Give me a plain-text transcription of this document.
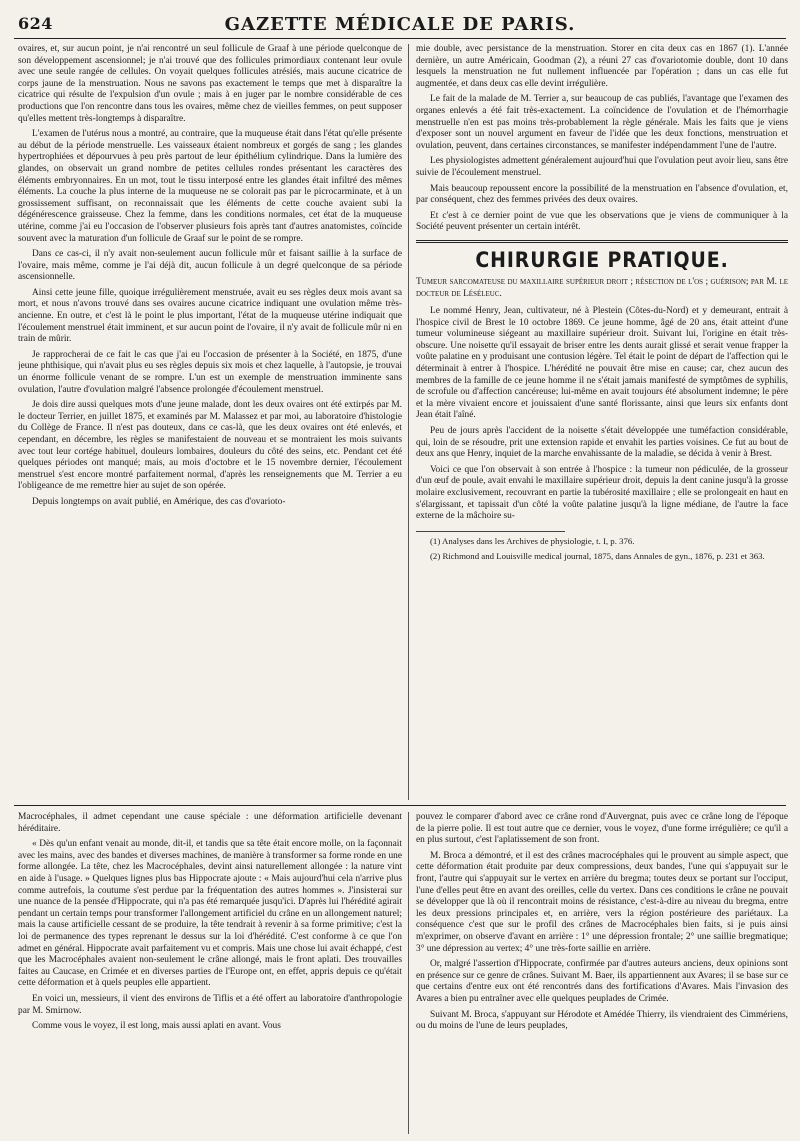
624	GAZETTE MÉDICALE DE PARIS.

ovaires, et, sur aucun point, je n'ai rencontré un seul follicule de Graaf à une période quelconque de son développement ascensionnel; je n'ai trouvé que des follicules primordiaux contenant leur ovule avec une seule rangée de cellules. On voyait quelques follicules atrésiés, mais aucune cicatrice de corps jaune de la menstruation. Nous ne savons pas exactement le temps que met à disparaître la cicatrice qui résulte de l'expulsion d'un ovule ; mais à en juger par le nombre considérable de ces productions que l'on rencontre dans tous les ovaires, même chez de vieilles femmes, on peut supposer qu'elles mettent très-longtemps à disparaître.

L'examen de l'utérus nous a montré, au contraire, que la muqueuse était dans l'état qu'elle présente au début de la période menstruelle. Les vaisseaux étaient nombreux et gorgés de sang ; les glandes hypertrophiées et dépourvues à peu près partout de leur épithélium cylindrique. Dans la lumière des glandes, on observait un grand nombre de petites cellules rondes présentant les caractères des éléments embryonnaires. En un mot, tout le tissu interposé entre les glandes était infiltré des mêmes éléments. La couche la plus interne de la muqueuse ne se colorait pas par le picrocarminate, et à un grossissement suffisant, on reconnaissait que les éléments de cette couche avaient subi la dégénérescence graisseuse. Chez la femme, dans les conditions normales, cet état de la muqueuse utérine, comme j'ai eu l'occasion de l'observer plusieurs fois après tant d'autres anatomistes, coïncide souvent avec la maturation d'un follicule de Graaf sur le point de se rompre.

Dans ce cas-ci, il n'y avait non-seulement aucun follicule mûr et faisant saillie à la surface de l'ovaire, mais même, comme je l'ai déjà dit, aucun follicule à un degré quelconque de sa période ascensionnelle.

Ainsi cette jeune fille, quoique irrégulièrement menstruée, avait eu ses règles deux mois avant sa mort, et nous n'avons trouvé dans ses ovaires aucune cicatrice indiquant une ovulation même très-ancienne. En outre, et c'est là le point le plus important, l'état de la muqueuse utérine indiquait que l'écoulement menstruel était imminent, et sur aucun point de l'ovaire, il n'y avait de follicule mûr ni en train de mûrir.

Je rapprocherai de ce fait le cas que j'ai eu l'occasion de présenter à la Société, en 1875, d'une jeune phthisique, qui n'avait plus eu ses règles depuis six mois et chez laquelle, à l'autopsie, je trouvai un énorme follicule venant de se rompre. L'un est un exemple de menstruation imminente sans ovulation, l'autre d'ovulation malgré l'absence prolongée d'écoulement menstruel.

Je dois dire aussi quelques mots d'une jeune malade, dont les deux ovaires ont été extirpés par M. le docteur Terrier, en juillet 1875, et examinés par M. Malassez et par moi, au laboratoire d'histologie du Collège de France. Il n'est pas douteux, dans ce cas-là, que les deux ovaires ont été enlevés, et cependant, en décembre, les règles se manifestaient de nouveau et se montraient les mois suivants avec tout leur cortége habituel, douleurs lombaires, douleurs du côté des seins, etc. Pendant cet été quelques périodes ont manqué; mais, au mois d'octobre et le 15 novembre dernier, l'écoulement menstruel s'est encore montré parfaitement normal, d'après les renseignements que M. Terrier a eu l'obligeance de me remettre hier au sujet de son opérée.

Depuis longtemps on avait publié, en Amérique, des cas d'ovarioto-

mie double, avec persistance de la menstruation. Storer en cita deux cas en 1867 (1). L'année dernière, un autre Américain, Goodman (2), a réuni 27 cas d'ovariotomie double, dont 10 dans lesquels la menstruation ne fut nullement influencée par l'opération ; dans un cas elle fut augmentée, et dans deux cas elle devint irrégulière.

Le fait de la malade de M. Terrier a, sur beaucoup de cas publiés, l'avantage que l'examen des organes enlevés a été fait très-exactement. La coïncidence de l'ovulation et de l'hémorrhagie menstruelle n'en est pas moins très-probablement la règle générale. Mais les faits que je viens d'exposer sont un nouvel argument en faveur de l'idée que les deux fonctions, menstruation et ovulation, peuvent, dans certaines circonstances, se manifester indépendamment l'une de l'autre.

Les physiologistes admettent généralement aujourd'hui que l'ovulation peut avoir lieu, sans être suivie de l'écoulement menstruel.

Mais beaucoup repoussent encore la possibilité de la menstruation en l'absence d'ovulation, et, par conséquent, chez des femmes privées des deux ovaires.

Et c'est à ce dernier point de vue que les observations que je viens de communiquer à la Société peuvent présenter un certain intérêt.

CHIRURGIE PRATIQUE.

Tumeur sarcomateuse du maxillaire supérieur droit ; résection de l'os ; guérison; par M. le docteur de Léséleuc.

Le nommé Henry, Jean, cultivateur, né à Plestein (Côtes-du-Nord) et y demeurant, entrait à l'hospice civil de Brest le 10 octobre 1869. Ce jeune homme, âgé de 20 ans, était atteint d'une tumeur volumineuse siégeant au maxillaire supérieur droit. Suivant lui, l'origine en était très-obscure. Une noisette qu'il essayait de briser entre les dents aurait glissé et serait venue frapper la voûte palatine en y produisant une contusion légère. Tel était le point de départ de l'affection qui le déterminait à entrer à l'hospice. L'hérédité ne pouvait être mise en cause; car, chez aucun des membres de la famille de ce jeune homme il ne s'était jamais manifesté de symptômes de syphilis, de scrofule ou d'affection cancéreuse; lui-même en avait toujours été absolument indemne; le père et la mère vivaient encore et jouissaient d'une santé florissante, ainsi que leurs six enfants dont Jean était l'aîné.

Peu de jours après l'accident de la noisette s'était développée une tuméfaction considérable, qui, loin de se résoudre, prit une extension rapide et envahit les parties voisines. Ce fut au bout de deux ans que Henry, inquiet de la marche envahissante de la maladie, se décida à venir à Brest.

Voici ce que l'on observait à son entrée à l'hospice : la tumeur non pédiculée, de la grosseur d'un œuf de poule, avait envahi le maxillaire supérieur droit, depuis la dent canine jusqu'à la grosse molaire exclusivement, recouvrant en partie la tubérosité maxillaire ; elle se prolongeait en haut en s'élargissant, et tapissait d'un côté la voûte palatine jusqu'à la ligne médiane, de l'autre la face externe de la mâchoire su-

(1) Analyses dans les Archives de physiologie, t. I, p. 376.

(2) Richmond and Louisville medical journal, 1875, dans Annales de gyn., 1876, p. 231 et 363.

Macrocéphales, il admet cependant une cause spéciale : une déformation artificielle devenant héréditaire.

« Dès qu'un enfant venait au monde, dit-il, et tandis que sa tête était encore molle, on la façonnait avec les mains, avec des bandes et diverses machines, de manière à transformer sa forme ronde en une forme allongée. La tête, chez les Macrocéphales, devint ainsi naturellement allongée : la nature vint en aide à l'usage. » Quelques lignes plus bas Hippocrate ajoute : « Mais aujourd'hui cela n'arrive plus comme autrefois, la coutume s'est perdue par la fréquentation des autres hommes ». J'insisterai sur une nuance de la pensée d'Hippocrate, qui n'a pas été remarquée jusqu'ici. D'après lui l'hérédité agirait pendant un certain temps pour transformer l'allongement artificiel du crâne en un allongement naturel; mais la cause artificielle cessant de se produire, la tête tendrait à revenir à sa forme primitive; c'est la loi de permanence des types reprenant le dessus sur la loi d'hérédité. C'est conforme à ce que l'on admet en général. Hippocrate avait parfaitement vu et compris. Mais une chose lui avait échappé, c'est que les Macrocéphales avaient non-seulement le crâne allongé, mais le front aplati. Des trouvailles faites au Caucase, en Crimée et en diverses parties de l'Europe ont, en effet, appris depuis ce qu'était cette déformation et à quels peuples elle appartient.

En voici un, messieurs, il vient des environs de Tiflis et a été offert au laboratoire d'anthropologie par M. Smirnow.

Comme vous le voyez, il est long, mais aussi aplati en avant. Vous

pouvez le comparer d'abord avec ce crâne rond d'Auvergnat, puis avec ce crâne long de l'époque de la pierre polie. Il est tout autre que ce dernier, vous le voyez, d'une forme irrégulière; ce qu'il a en plus surtout, c'est l'aplatissement de son front.

M. Broca a démontré, et il est des crânes macrocéphales qui le prouvent au simple aspect, que cette déformation était produite par deux compressions, deux bandes, l'une qui s'appuyait sur le front, l'autre qui s'appuyait sur le vertex en arrière du bregma; toutes deux se portant sur l'occiput, l'une d'elles peut être en avant des oreilles, celle du vertex. Dans ces conditions le crâne ne pouvait se développer que là où il rencontrait moins de résistance, c'est-à-dire au niveau du bregma, entre les deux pressions principales et, en arrière, vers la région postérieure des pariétaux. La conséquence c'est que sur le profil des crânes de Macrocéphales bien faits, si je puis ainsi m'exprimer, on observe d'avant en arrière : 1° une dépression frontale; 2° une saillie bregmatique; 3° une dépression au vertex; 4° une très-forte saillie en arrière.

Or, malgré l'assertion d'Hippocrate, confirmée par d'autres auteurs anciens, deux opinions sont en présence sur ce genre de crânes. Suivant M. Baer, ils appartiennent aux Avares; il se base sur ce que certains d'entre eux ont été rencontrés dans des fortifications d'Avares. Mais l'invasion des Avares a bien pu entraîner avec elle quelques peuplades de Crimée.

Suivant M. Broca, s'appuyant sur Hérodote et Amédée Thierry, ils viendraient des Cimmériens, ou du moins de l'une de leurs peuplades,
